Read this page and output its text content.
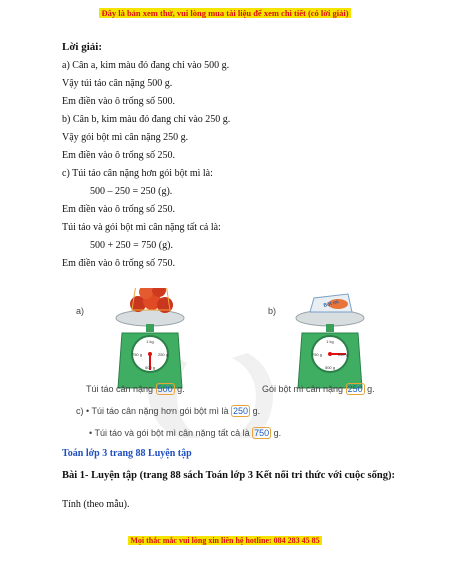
Đây là bản xem thử, vui lòng mua tài liệu để xem chi tiết (có lời giải)
Lời giải:
a) Cân a, kim màu đỏ đang chỉ vào 500 g.
Vậy túi táo cân nặng 500 g.
Em điền vào ô trống số 500.
b) Cân b, kim màu đỏ đang chỉ vào 250 g.
Vậy gói bột mì cân nặng 250 g.
Em điền vào ô trống số 250.
c) Túi táo cân nặng hơn gói bột mì là:
500 – 250 = 250 (g).
Em điền vào ô trống số 250.
Túi táo và gói bột mì cân nặng tất cả là:
500 + 250 = 750 (g).
Em điền vào ô trống số 750.
1 kg
250 g
500 g
750 g
Bột mì
1 kg
250 g
500 g
750 g
a)	b)
Túi táo cân nặng 500 g.	Gói bột mì cân nặng 250 g.
c) • Túi táo cân nặng hơn gói bột mì là 250 g.
• Túi táo và gói bột mì cân nặng tất cả là 750 g.
Toán lớp 3 trang 88 Luyện tập
Bài 1- Luyện tập (trang 88 sách Toán lớp 3 Kết nối tri thức với cuộc sống):
Tính (theo mẫu).
Mọi thắc mắc vui lòng xin liên hệ hotline: 084 283 45 85
